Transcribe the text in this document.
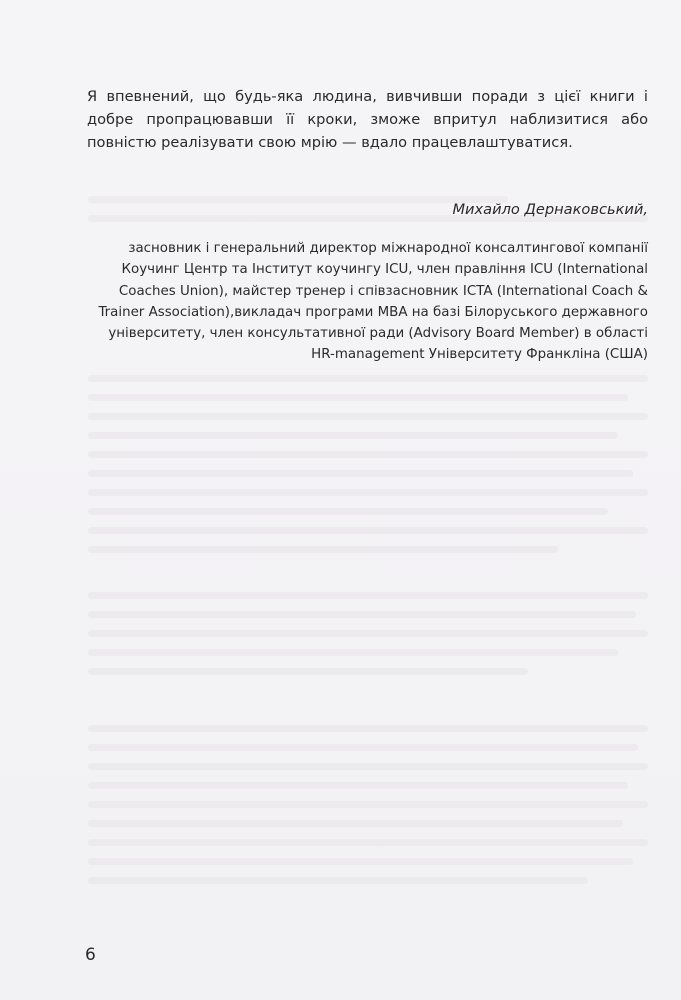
Я впевнений, що будь-яка людина, вивчивши поради з цієї книги і добре пропрацювавши її кроки, зможе впритул наблизитися або повністю реалізувати свою мрію — вдало працевлаштуватися.

Михайло Дернаковський,

засновник і генеральний директор міжнародної консалтингової компанії Коучинг Центр та Інститут коучингу ICU, член правління ICU (International Coaches Union), майстер тренер і співзасновник ICTA (International Coach & Trainer Association),викладач програми MBA на базі Білоруського державного університету, член консультативної ради (Advisory Board Member) в області HR-management Університету Франкліна (США)

6
